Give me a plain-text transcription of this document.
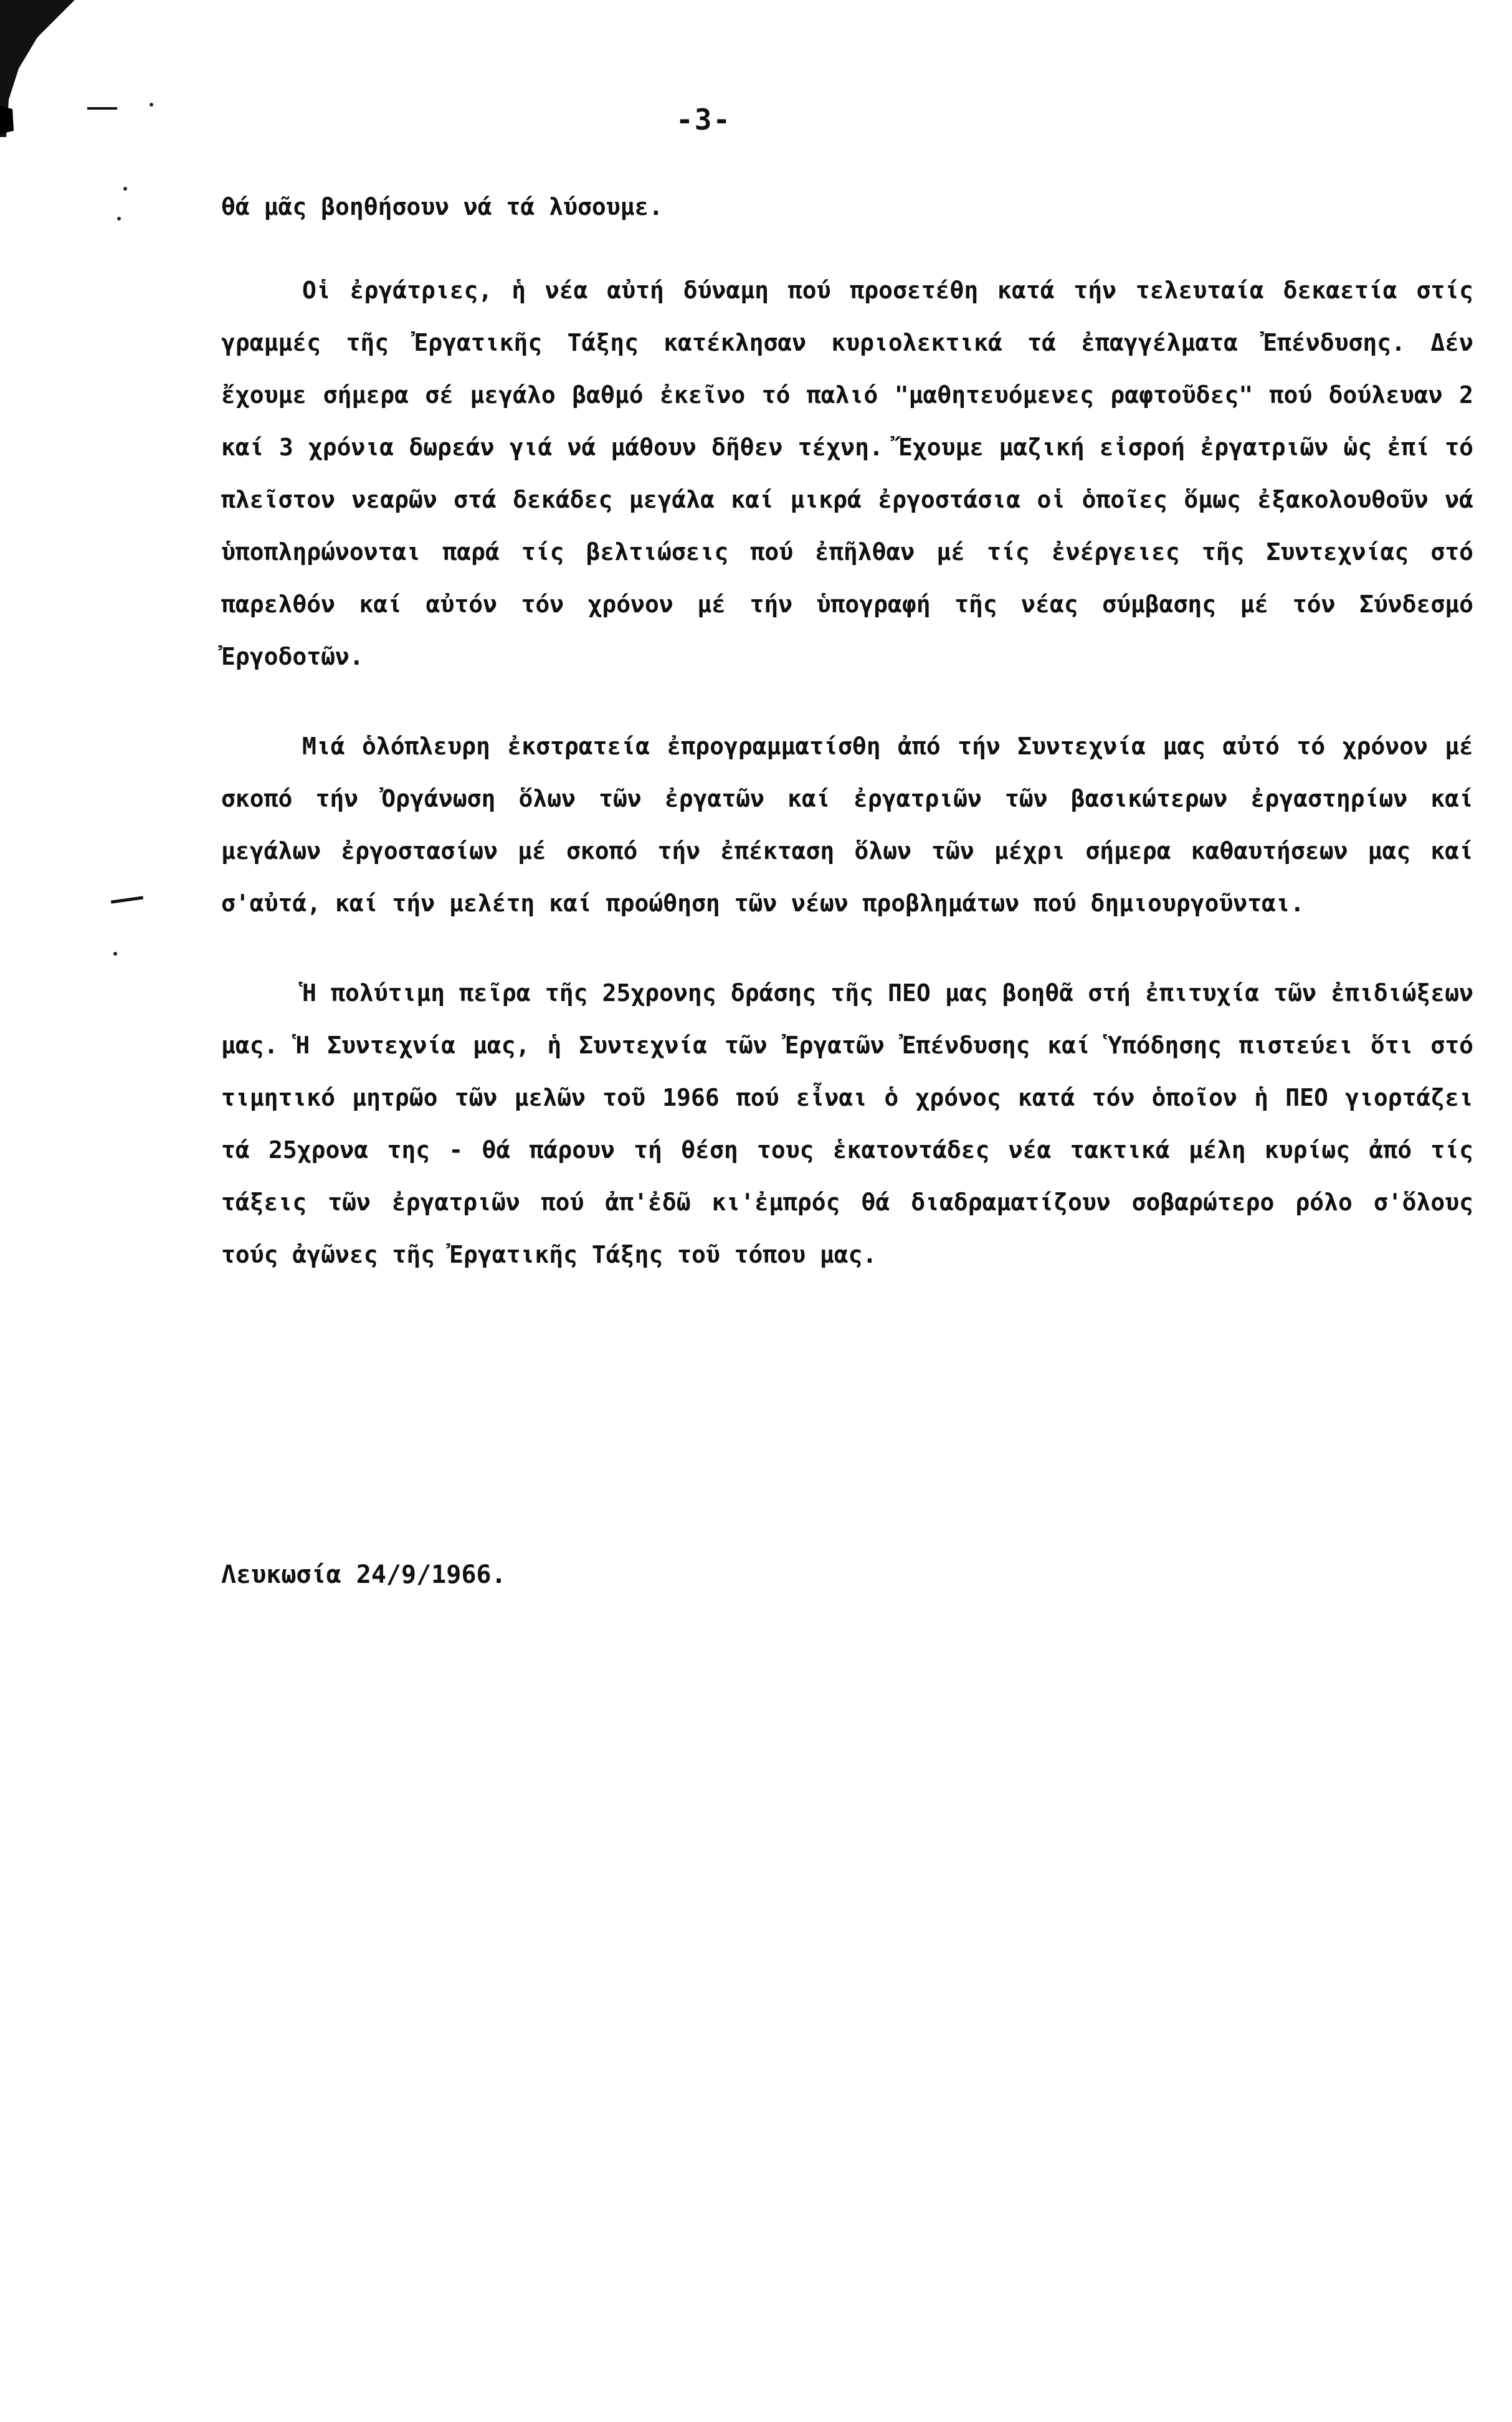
-3-

θά μᾶς βοηθήσουν νά τά λύσουμε.

Οἱ ἐργάτριες, ἡ νέα αὐτή δύναμη πού προσετέθη κατά τήν τελευταία δεκαετία στίς γραμμές τῆς Ἐργατικῆς Τάξης κατέκλησαν κυριολεκτικά τά ἐπαγγέλματα Ἐπένδυσης. Δέν ἔχουμε σήμερα σέ μεγάλο βαθμό ἐκεῖνο τό παλιό "μαθητευόμενες ραφτοῦδες" πού δούλευαν 2 καί 3 χρόνια δωρεάν γιά νά μάθουν δῆθεν τέχνη. Ἔχουμε μαζική εἰσροή ἐργατριῶν ὡς ἐπί τό πλεῖστον νεαρῶν στά δεκάδες μεγάλα καί μικρά ἐργοστάσια οἱ ὁποῖες ὅμως ἐξακολουθοῦν νά ὑποπληρώνονται παρά τίς βελτιώσεις πού ἐπῆλθαν μέ τίς ἐνέργειες τῆς Συντεχνίας στό παρελθόν καί αὐτόν τόν χρόνον μέ τήν ὑπογραφή τῆς νέας σύμβασης μέ τόν Σύνδεσμό Ἐργοδοτῶν.

Μιά ὁλόπλευρη ἐκστρατεία ἐπρογραμματίσθη ἀπό τήν Συντεχνία μας αὐτό τό χρόνον μέ σκοπό τήν Ὀργάνωση ὅλων τῶν ἐργατῶν καί ἐργατριῶν τῶν βασικώτερων ἐργαστηρίων καί μεγάλων ἐργοστασίων μέ σκοπό τήν ἐπέκταση ὅλων τῶν μέχρι σήμερα καθαυτήσεων μας καί σ'αὐτά, καί τήν μελέτη καί προώθηση τῶν νέων προβλημάτων πού δημιουργοῦνται.

Ἡ πολύτιμη πεῖρα τῆς 25χρονης δράσης τῆς ΠΕΟ μας βοηθᾶ στή ἐπιτυχία τῶν ἐπιδιώξεων μας. Ἡ Συντεχνία μας, ἡ Συντεχνία τῶν Ἐργατῶν Ἐπένδυσης καί Ὑπόδησης πιστεύει ὅτι στό τιμητικό μητρῶο τῶν μελῶν τοῦ 1966 πού εἶναι ὁ χρόνος κατά τόν ὁποῖον ἡ ΠΕΟ γιορτάζει τά 25χρονα της - θά πάρουν τή θέση τους ἑκατοντάδες νέα τακτικά μέλη κυρίως ἀπό τίς τάξεις τῶν ἐργατριῶν πού ἀπ'ἐδῶ κι'ἐμπρός θά διαδραματίζουν σοβαρώτερο ρόλο σ'ὅλους τούς ἀγῶνες τῆς Ἐργατικῆς Τάξης τοῦ τόπου μας.

Λευκωσία 24/9/1966.
